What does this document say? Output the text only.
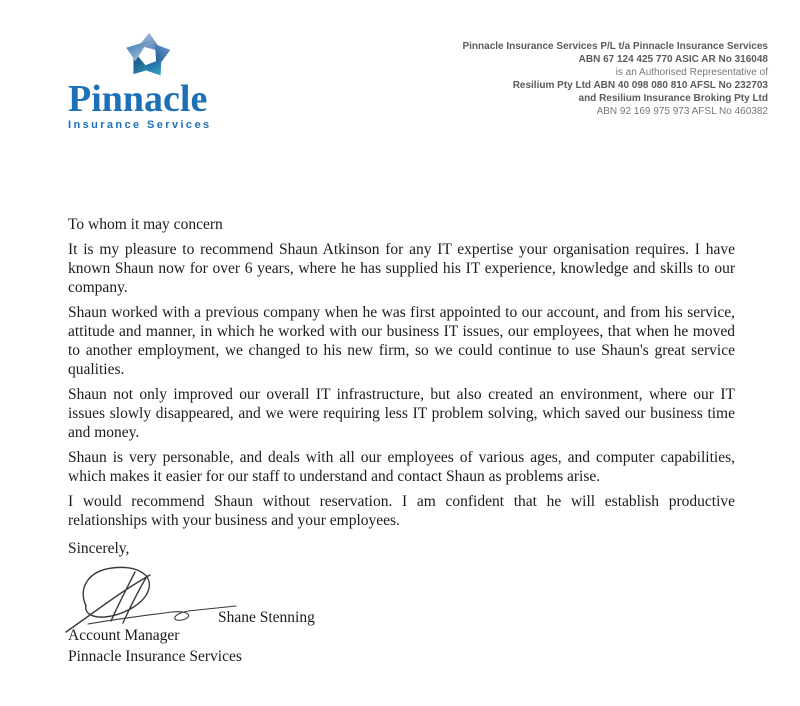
Pinnacle
Insurance Services
Pinnacle Insurance Services P/L t/a Pinnacle Insurance Services
ABN 67 124 425 770 ASIC AR No 316048
is an Authorised Representative of
Resilium Pty Ltd ABN 40 098 080 810 AFSL No 232703
and Resilium Insurance Broking Pty Ltd
ABN 92 169 975 973 AFSL No 460382

To whom it may concern

It is my pleasure to recommend Shaun Atkinson for any IT expertise your organisation requires. I have known Shaun now for over 6 years, where he has supplied his IT experience, knowledge and skills to our company.

Shaun worked with a previous company when he was first appointed to our account, and from his service, attitude and manner, in which he worked with our business IT issues, our employees, that when he moved to another employment, we changed to his new firm, so we could continue to use Shaun's great service qualities.

Shaun not only improved our overall IT infrastructure, but also created an environment, where our IT issues slowly disappeared, and we were requiring less IT problem solving, which saved our business time and money.

Shaun is very personable, and deals with all our employees of various ages, and computer capabilities, which makes it easier for our staff to understand and contact Shaun as problems arise.

I would recommend Shaun without reservation. I am confident that he will establish productive relationships with your business and your employees.

Sincerely,

Shane Stenning

Account Manager

Pinnacle Insurance Services
